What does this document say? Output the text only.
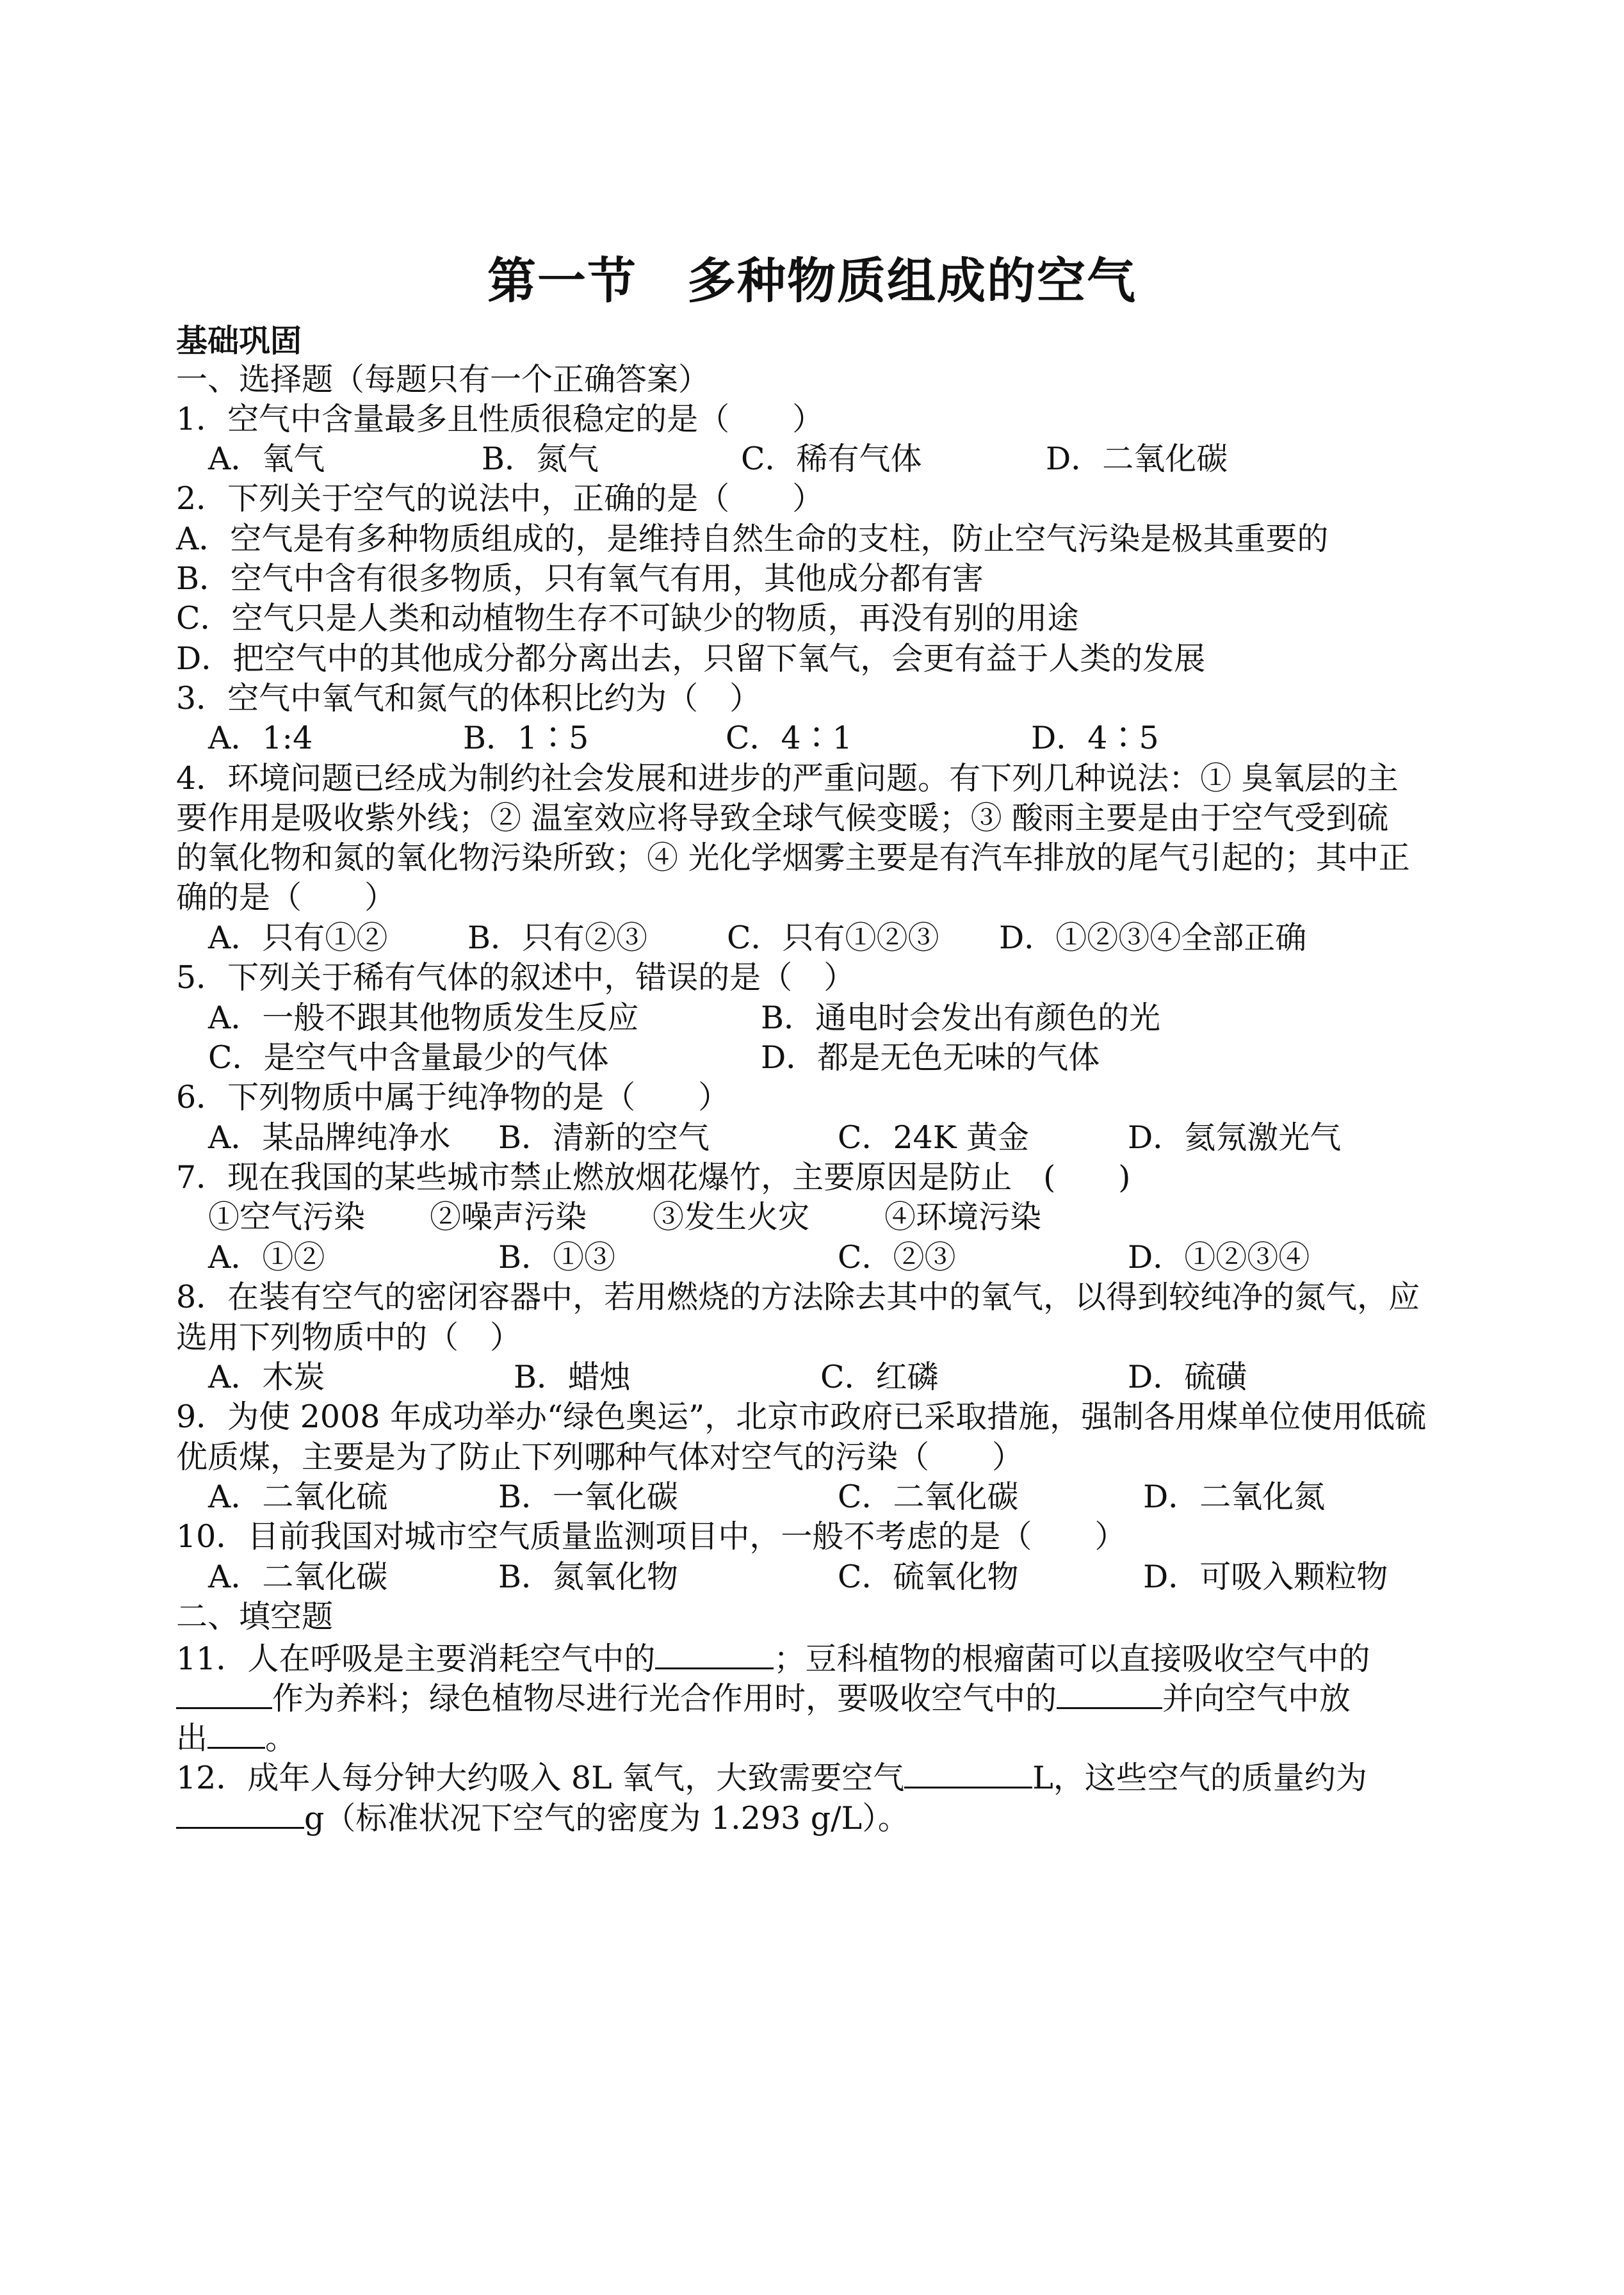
第一节　多种物质组成的空气
基础巩固
一、选择题（每题只有一个正确答案）
1．空气中含量最多且性质很稳定的是（　　）
A．氧气	B．氮气	C．稀有气体	D．二氧化碳
2．下列关于空气的说法中，正确的是（　　）
A．空气是有多种物质组成的，是维持自然生命的支柱，防止空气污染是极其重要的
B．空气中含有很多物质，只有氧气有用，其他成分都有害
C．空气只是人类和动植物生存不可缺少的物质，再没有别的用途
D．把空气中的其他成分都分离出去，只留下氧气，会更有益于人类的发展
3．空气中氧气和氮气的体积比约为（　）
A．1:4	B．1∶5	C．4∶1	D．4∶5
4．环境问题已经成为制约社会发展和进步的严重问题。有下列几种说法：① 臭氧层的主
要作用是吸收紫外线；② 温室效应将导致全球气候变暖；③ 酸雨主要是由于空气受到硫
的氧化物和氮的氧化物污染所致；④ 光化学烟雾主要是有汽车排放的尾气引起的；其中正
确的是（　　）
A．只有①②	B．只有②③	C．只有①②③ D．①②③④全部正确
5．下列关于稀有气体的叙述中，错误的是（　）
A．一般不跟其他物质发生反应	B．通电时会发出有颜色的光
C．是空气中含量最少的气体	D．都是无色无味的气体
6．下列物质中属于纯净物的是（　　）
A．某品牌纯净水 B．清新的空气	C．24K 黄金	D．氦氖激光气
7．现在我国的某些城市禁止燃放烟花爆竹，主要原因是防止　(　　)
①空气污染 ②噪声污染 ③发生火灾 ④环境污染
A．①②	B．①③	C．②③	D．①②③④
8．在装有空气的密闭容器中，若用燃烧的方法除去其中的氧气，以得到较纯净的氮气，应
选用下列物质中的（　）
A．木炭	B．蜡烛	C．红磷	D．硫磺
9．为使 2008 年成功举办“绿色奥运”，北京市政府已采取措施，强制各用煤单位使用低硫
优质煤，主要是为了防止下列哪种气体对空气的污染（　　）
A．二氧化硫	B．一氧化碳	C．二氧化碳	D．二氧化氮
10．目前我国对城市空气质量监测项目中，一般不考虑的是（　　）
A．二氧化碳	B．氮氧化物	C．硫氧化物	D．可吸入颗粒物
二、填空题
11．人在呼吸是主要消耗空气中的	；豆科植物的根瘤菌可以直接吸收空气中的
作为养料；绿色植物尽进行光合作用时，要吸收空气中的	并向空气中放
出 。
12．成年人每分钟大约吸入 8L 氧气，大致需要空气	L，这些空气的质量约为
g（标准状况下空气的密度为 1.293 g/L）。
